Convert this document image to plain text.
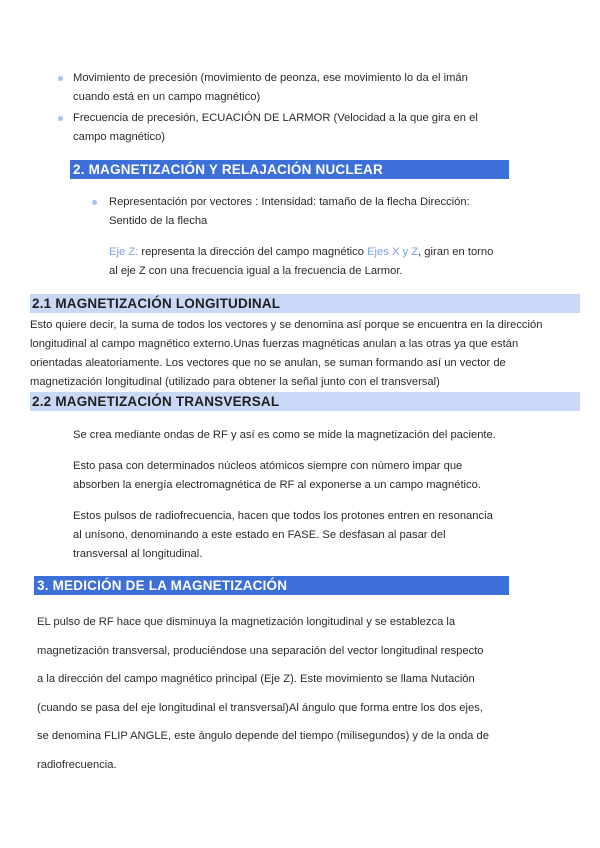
Movimiento de precesión (movimiento de peonza, ese movimiento lo da el imán

cuando está en un campo magnético)

Frecuencia de precesión, ECUACIÓN DE LARMOR (Velocidad a la que gira en el

campo magnético)

2. MAGNETIZACIÓN Y RELAJACIÓN NUCLEAR

Representación por vectores : Intensidad: tamaño de la flecha Dirección:

Sentido de la flecha

Eje Z: representa la dirección del campo magnético Ejes X y Z, giran en torno

al eje Z con una frecuencia igual a la frecuencia de Larmor.

2.1 MAGNETIZACIÓN LONGITUDINAL

Esto quiere decir, la suma de todos los vectores y se denomina así porque se encuentra en la dirección

longitudinal al campo magnético externo.Unas fuerzas magnéticas anulan a las otras ya que están

orientadas aleatoriamente. Los vectores que no se anulan, se suman formando así un vector de

magnetización longitudinal (utilizado para obtener la señal junto con el transversal)

2.2 MAGNETIZACIÓN TRANSVERSAL

Se crea mediante ondas de RF y así es como se mide la magnetización del paciente.

Esto pasa con determinados núcleos atómicos siempre con número impar que

absorben la energía electromagnética de RF al exponerse a un campo magnético.

Estos pulsos de radiofrecuencia, hacen que todos los protones entren en resonancia

al unísono, denominando a este estado en FASE. Se desfasan al pasar del

transversal al longitudinal.

3. MEDICIÓN DE LA MAGNETIZACIÓN

EL pulso de RF hace que disminuya la magnetización longitudinal y se establezca la

magnetización transversal, produciéndose una separación del vector longitudinal respecto

a la dirección del campo magnético principal (Eje Z). Este movimiento se llama Nutación

(cuando se pasa del eje longitudinal el transversal)Al ángulo que forma entre los dos ejes,

se denomina FLIP ANGLE, este ángulo depende del tiempo (milisegundos) y de la onda de

radiofrecuencia.
